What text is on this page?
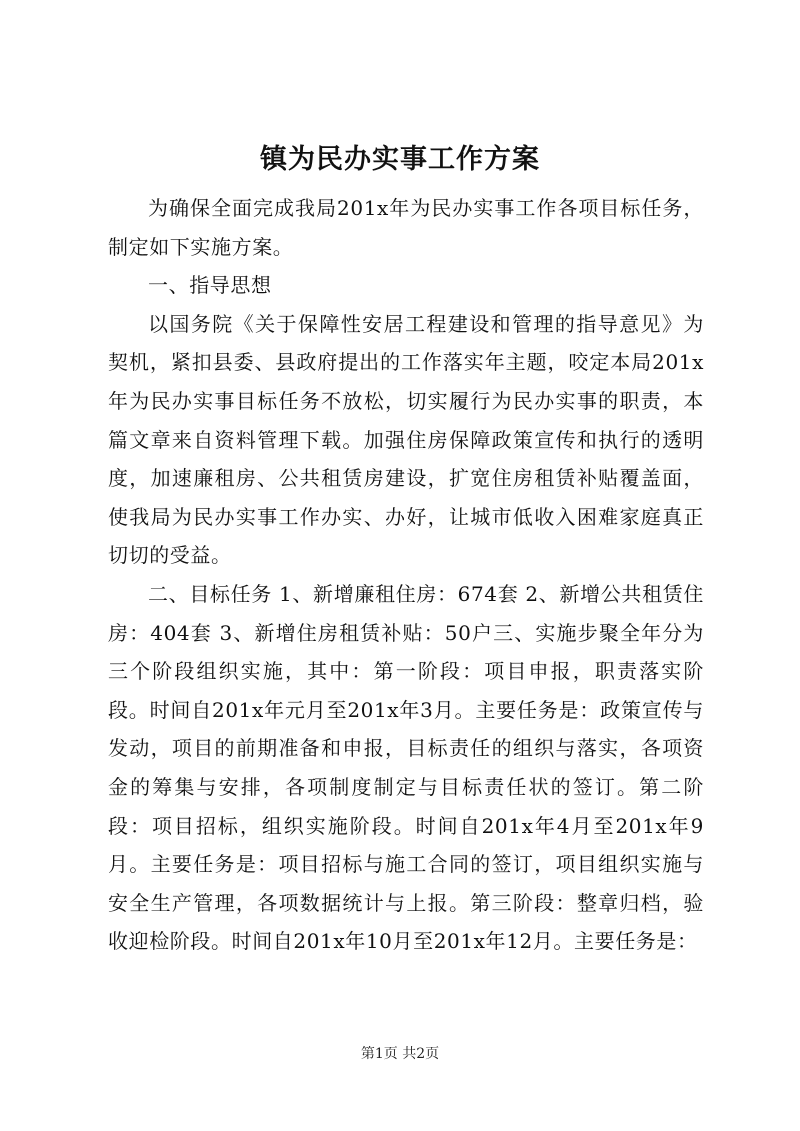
镇为民办实事工作方案

为确保全面完成我局201x年为民办实事工作各项目标任务，制定如下实施方案。

一、指导思想

以国务院《关于保障性安居工程建设和管理的指导意见》为契机，紧扣县委、县政府提出的工作落实年主题，咬定本局201x年为民办实事目标任务不放松，切实履行为民办实事的职责，本篇文章来自资料管理下载。加强住房保障政策宣传和执行的透明度，加速廉租房、公共租赁房建设，扩宽住房租赁补贴覆盖面，使我局为民办实事工作办实、办好，让城市低收入困难家庭真正切切的受益。

二、目标任务 1、新增廉租住房：674套 2、新增公共租赁住房：404套 3、新增住房租赁补贴：50户三、实施步聚全年分为三个阶段组织实施，其中：第一阶段：项目申报，职责落实阶段。时间自201x年元月至201x年3月。主要任务是：政策宣传与发动，项目的前期准备和申报，目标责任的组织与落实，各项资金的筹集与安排，各项制度制定与目标责任状的签订。第二阶段：项目招标，组织实施阶段。时间自201x年4月至201x年9月。主要任务是：项目招标与施工合同的签订，项目组织实施与安全生产管理，各项数据统计与上报。第三阶段：整章归档，验收迎检阶段。时间自201x年10月至201x年12月。主要任务是：

第1页 共2页
